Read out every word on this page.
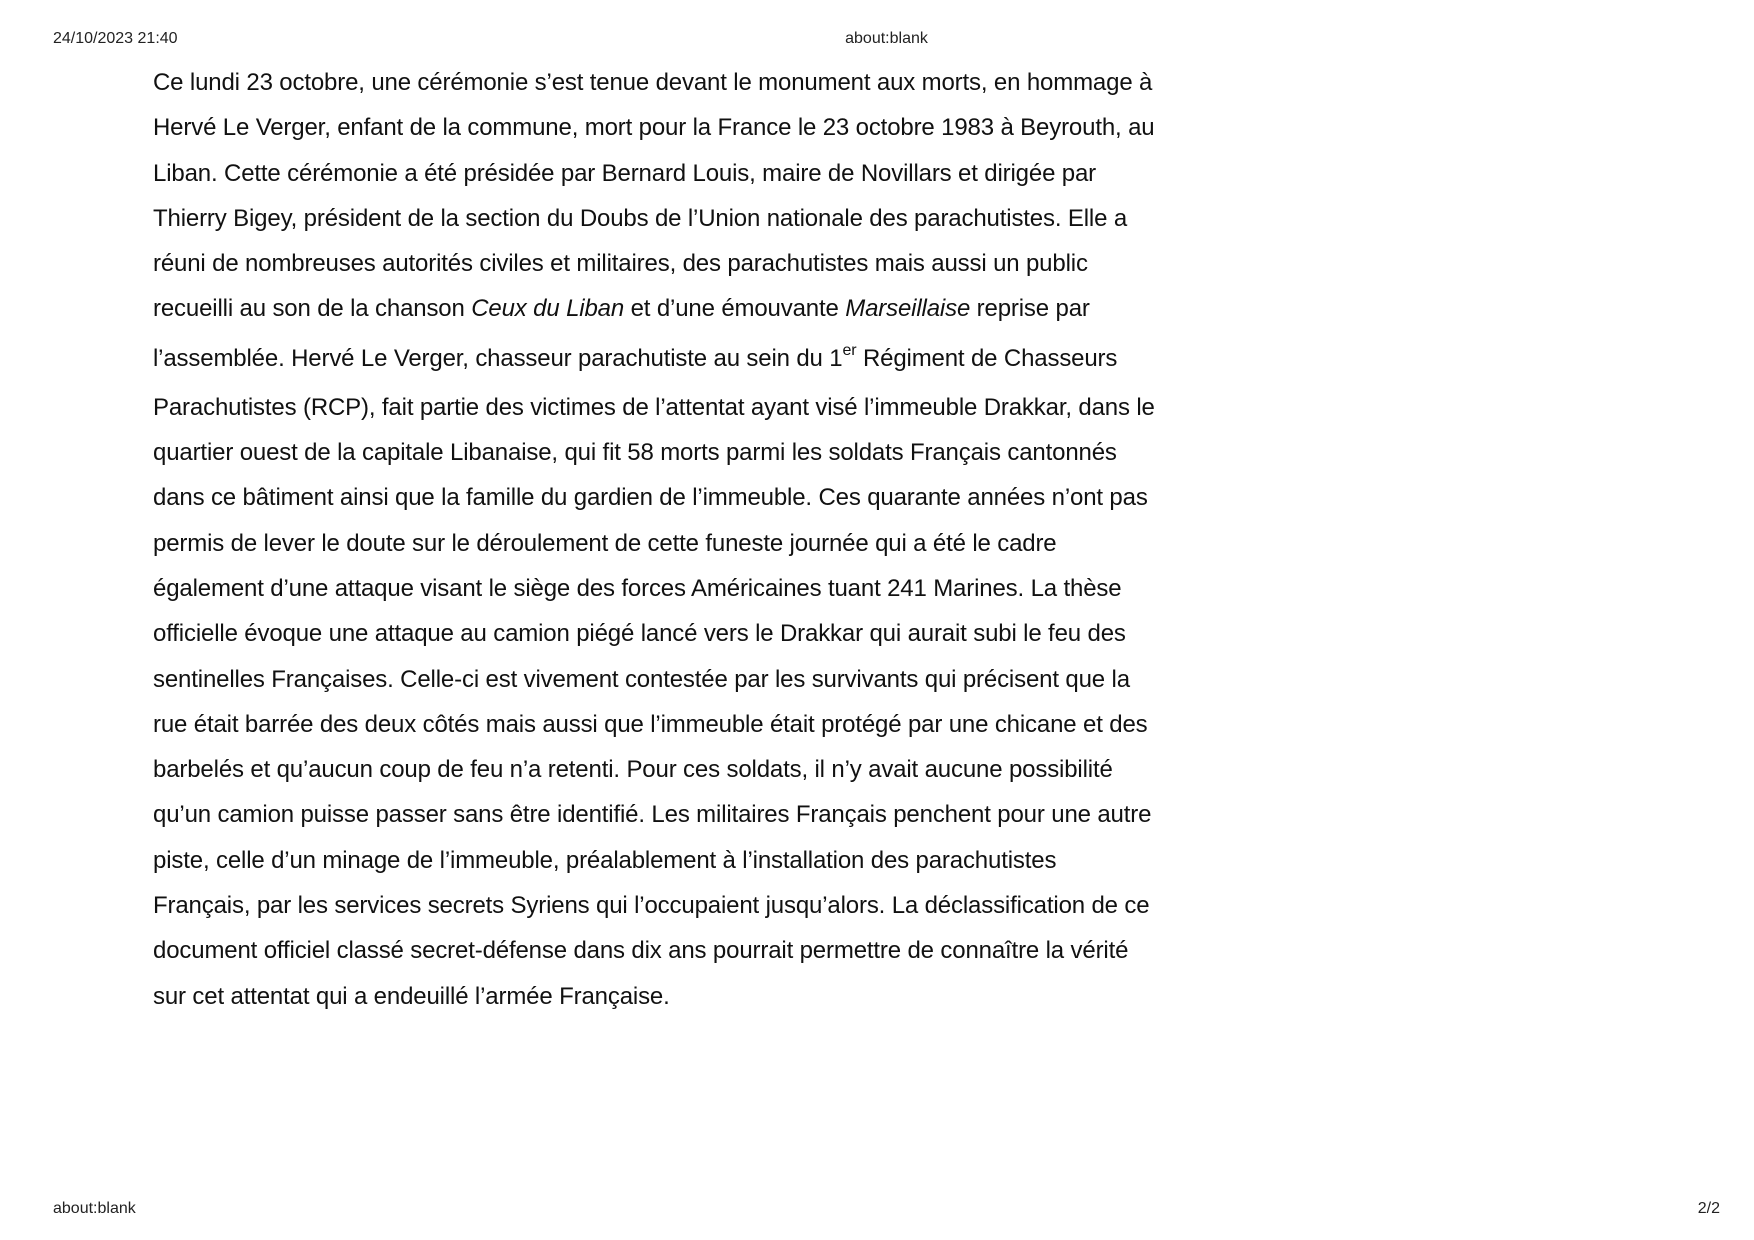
24/10/2023 21:40	about:blank
Ce lundi 23 octobre, une cérémonie s’est tenue devant le monument aux morts, en hommage à
Hervé Le Verger, enfant de la commune, mort pour la France le 23 octobre 1983 à Beyrouth, au
Liban. Cette cérémonie a été présidée par Bernard Louis, maire de Novillars et dirigée par
Thierry Bigey, président de la section du Doubs de l’Union nationale des parachutistes. Elle a
réuni de nombreuses autorités civiles et militaires, des parachutistes mais aussi un public
recueilli au son de la chanson Ceux du Liban et d’une émouvante Marseillaise reprise par
l’assemblée. Hervé Le Verger, chasseur parachutiste au sein du 1er Régiment de Chasseurs
Parachutistes (RCP), fait partie des victimes de l’attentat ayant visé l’immeuble Drakkar, dans le
quartier ouest de la capitale Libanaise, qui fit 58 morts parmi les soldats Français cantonnés
dans ce bâtiment ainsi que la famille du gardien de l’immeuble. Ces quarante années n’ont pas
permis de lever le doute sur le déroulement de cette funeste journée qui a été le cadre
également d’une attaque visant le siège des forces Américaines tuant 241 Marines. La thèse
officielle évoque une attaque au camion piégé lancé vers le Drakkar qui aurait subi le feu des
sentinelles Françaises. Celle-ci est vivement contestée par les survivants qui précisent que la
rue était barrée des deux côtés mais aussi que l’immeuble était protégé par une chicane et des
barbelés et qu’aucun coup de feu n’a retenti. Pour ces soldats, il n’y avait aucune possibilité
qu’un camion puisse passer sans être identifié. Les militaires Français penchent pour une autre
piste, celle d’un minage de l’immeuble, préalablement à l’installation des parachutistes
Français, par les services secrets Syriens qui l’occupaient jusqu’alors. La déclassification de ce
document officiel classé secret-défense dans dix ans pourrait permettre de connaître la vérité
sur cet attentat qui a endeuillé l’armée Française.
about:blank	2/2
